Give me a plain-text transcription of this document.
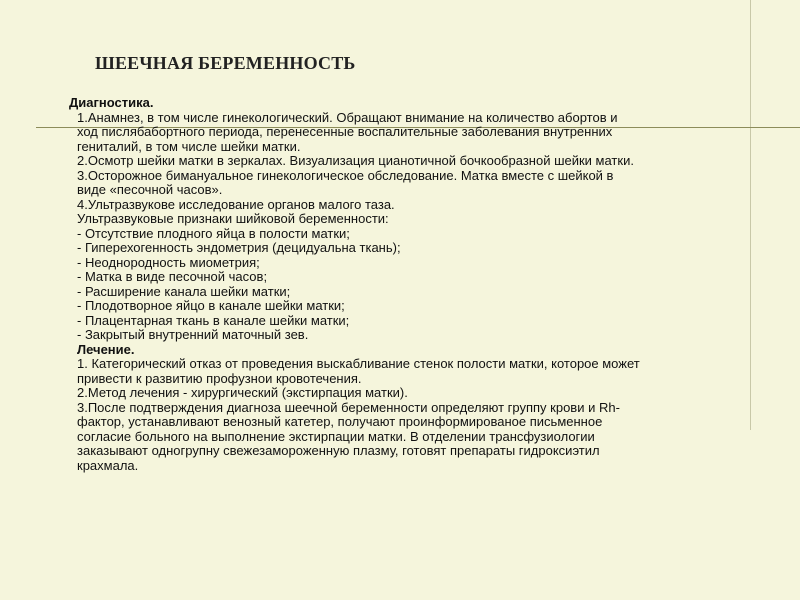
ШЕЕЧНАЯ БЕРЕМЕННОСТЬ
Диагностика.
1.Анамнез, в том числе гинекологический. Обращают внимание на количество абортов и
ход пислябабортного периода, перенесенные воспалительные заболевания внутренних
гениталий, в том числе шейки матки.
2.Осмотр шейки матки в зеркалах. Визуализация цианотичной бочкообразной шейки матки.
3.Осторожное бимануальное гинекологическое обследование. Матка вместе с шейкой в
виде «песочной часов».
4.Ультразвукове исследование органов малого таза.
Ультразвуковые признаки шийковой беременности:
- Отсутствие плодного яйца в полости матки;
- Гиперехогенность эндометрия (децидуальна ткань);
- Неоднородность миометрия;
- Матка в виде песочной часов;
- Расширение канала шейки матки;
- Плодотворное яйцо в канале шейки матки;
- Плацентарная ткань в канале шейки матки;
- Закрытый внутренний маточный зев.
Лечение.
1. Категорический отказ от проведения выскабливание стенок полости матки, которое может
привести к развитию профузнои кровотечения.
2.Метод лечения - хирургический (экстирпация матки).
3.После подтверждения диагноза шеечной беременности определяют группу крови и Rh-
фактор, устанавливают венозный катетер, получают проинформированое письменное
согласие больного на выполнение экстирпации матки. В отделении трансфузиологии
заказывают одногрупну свежезамороженную плазму, готовят препараты гидроксиэтил
крахмала.
